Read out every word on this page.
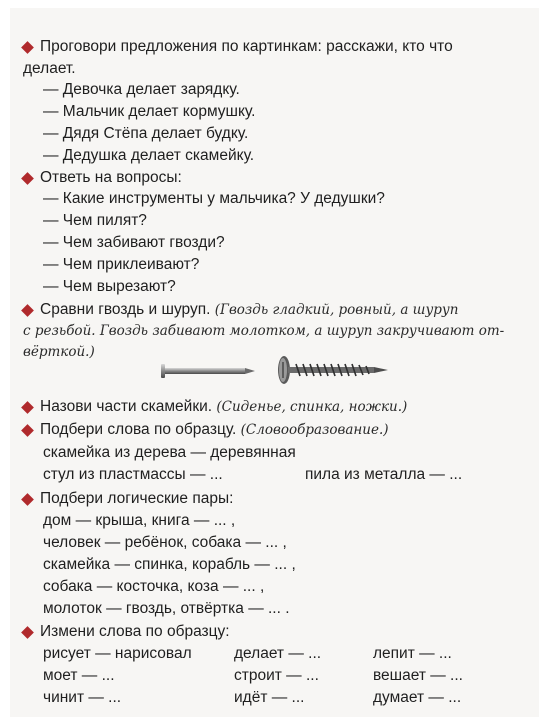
Проговори предложения по картинкам: расскажи, кто что
делает.
— Девочка делает зарядку.
— Мальчик делает кормушку.
— Дядя Стёпа делает будку.
— Дедушка делает скамейку.
Ответь на вопросы:
— Какие инструменты у мальчика? У дедушки?
— Чем пилят?
— Чем забивают гвозди?
— Чем приклеивают?
— Чем вырезают?
Сравни гвоздь и шуруп. (Гвоздь гладкий, ровный, а шуруп
с резьбой. Гвоздь забивают молотком, а шуруп закручивают от-
вёрткой.)
Назови части скамейки. (Сиденье, спинка, ножки.)
Подбери слова по образцу. (Словообразование.)
скамейка из дерева — деревянная
стул из пластмассы — ...	пила из металла — ...
Подбери логические пары:
дом — крыша, книга — ... ,
человек — ребёнок, собака — ... ,
скамейка — спинка, корабль — ... ,
собака — косточка, коза — ... ,
молоток — гвоздь, отвёртка — ... .
Измени слова по образцу:
рисует — нарисовал	делает — ...	лепит — ...
моет — ...	строит — ...	вешает — ...
чинит — ...	идёт — ...	думает — ...
